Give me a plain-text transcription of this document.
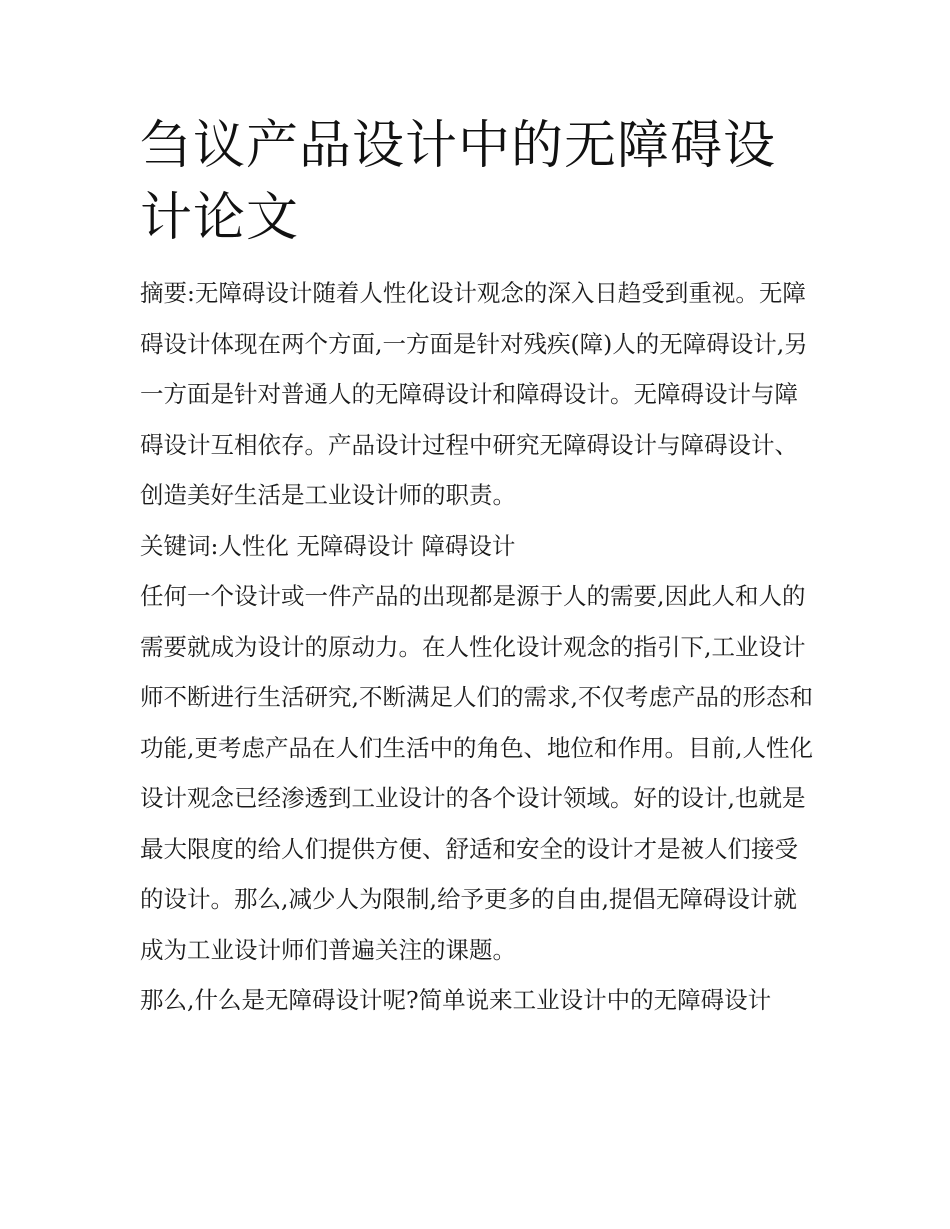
刍议产品设计中的无障碍设计论文

摘要:无障碍设计随着人性化设计观念的深入日趋受到重视。无障碍设计体现在两个方面,一方面是针对残疾(障)人的无障碍设计,另一方面是针对普通人的无障碍设计和障碍设计。无障碍设计与障碍设计互相依存。产品设计过程中研究无障碍设计与障碍设计、创造美好生活是工业设计师的职责。

关键词:人性化 无障碍设计 障碍设计

任何一个设计或一件产品的出现都是源于人的需要,因此人和人的需要就成为设计的原动力。在人性化设计观念的指引下,工业设计师不断进行生活研究,不断满足人们的需求,不仅考虑产品的形态和功能,更考虑产品在人们生活中的角色、地位和作用。目前,人性化设计观念已经渗透到工业设计的各个设计领域。好的设计,也就是最大限度的给人们提供方便、舒适和安全的设计才是被人们接受的设计。那么,减少人为限制,给予更多的自由,提倡无障碍设计就成为工业设计师们普遍关注的课题。

那么,什么是无障碍设计呢?简单说来工业设计中的无障碍设计
